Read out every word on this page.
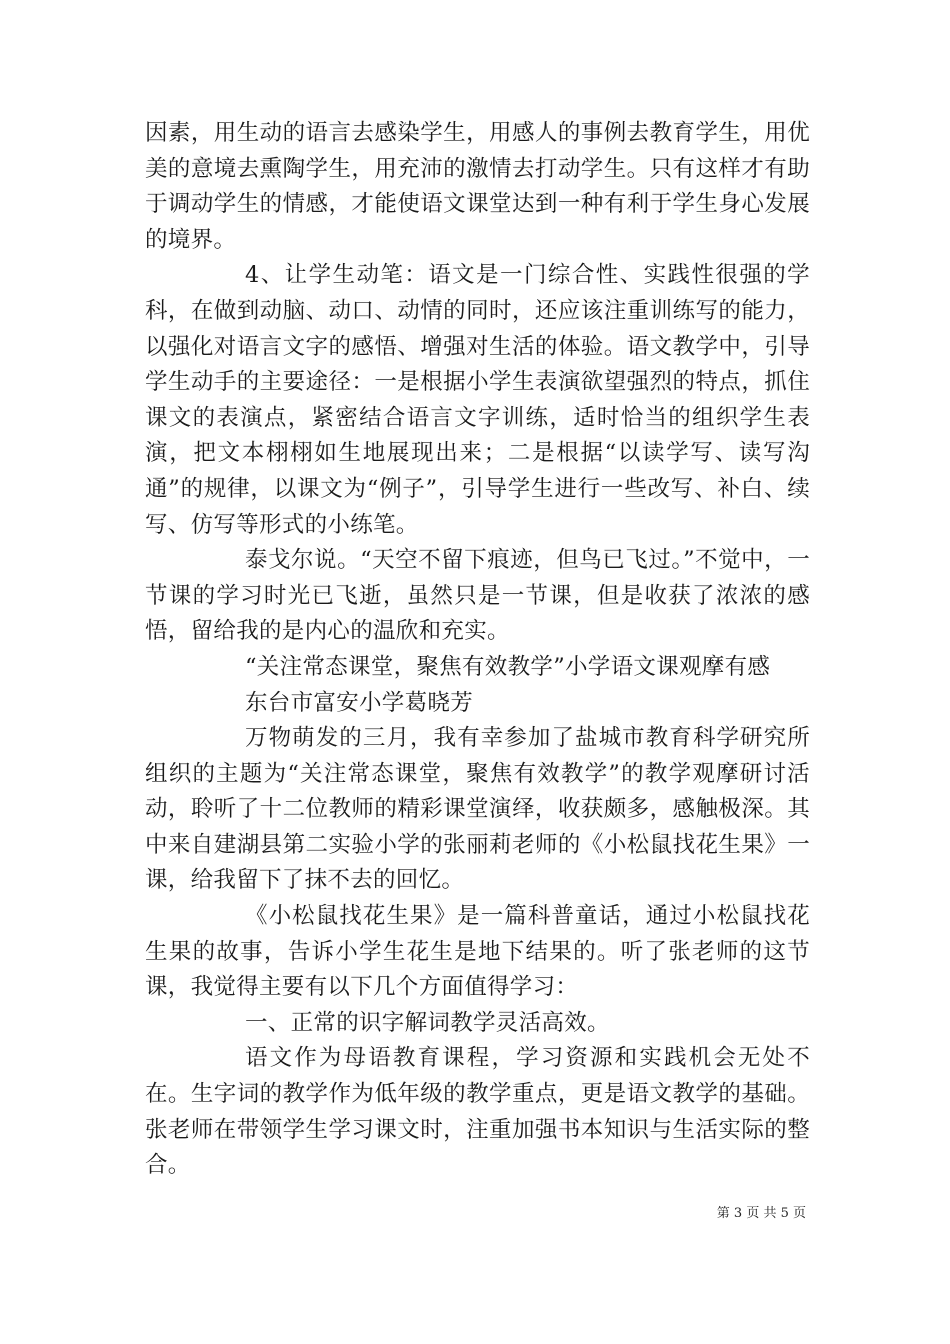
因素，用生动的语言去感染学生，用感人的事例去教育学生，用优美的意境去熏陶学生，用充沛的激情去打动学生。只有这样才有助于调动学生的情感，才能使语文课堂达到一种有利于学生身心发展的境界。

4、让学生动笔：语文是一门综合性、实践性很强的学科，在做到动脑、动口、动情的同时，还应该注重训练写的能力，以强化对语言文字的感悟、增强对生活的体验。语文教学中，引导学生动手的主要途径：一是根据小学生表演欲望强烈的特点，抓住课文的表演点，紧密结合语言文字训练，适时恰当的组织学生表演，把文本栩栩如生地展现出来；二是根据“以读学写、读写沟通”的规律，以课文为“例子”，引导学生进行一些改写、补白、续写、仿写等形式的小练笔。

泰戈尔说。“天空不留下痕迹，但鸟已飞过。”不觉中，一节课的学习时光已飞逝，虽然只是一节课，但是收获了浓浓的感悟，留给我的是内心的温欣和充实。

“关注常态课堂，聚焦有效教学”小学语文课观摩有感

东台市富安小学葛晓芳

万物萌发的三月，我有幸参加了盐城市教育科学研究所组织的主题为“关注常态课堂，聚焦有效教学”的教学观摩研讨活动，聆听了十二位教师的精彩课堂演绎，收获颇多，感触极深。其中来自建湖县第二实验小学的张丽莉老师的《小松鼠找花生果》一课，给我留下了抹不去的回忆。

《小松鼠找花生果》是一篇科普童话，通过小松鼠找花生果的故事，告诉小学生花生是地下结果的。听了张老师的这节课，我觉得主要有以下几个方面值得学习：

一、正常的识字解词教学灵活高效。

语文作为母语教育课程，学习资源和实践机会无处不在。生字词的教学作为低年级的教学重点，更是语文教学的基础。张老师在带领学生学习课文时，注重加强书本知识与生活实际的整合。

第 3 页 共 5 页
